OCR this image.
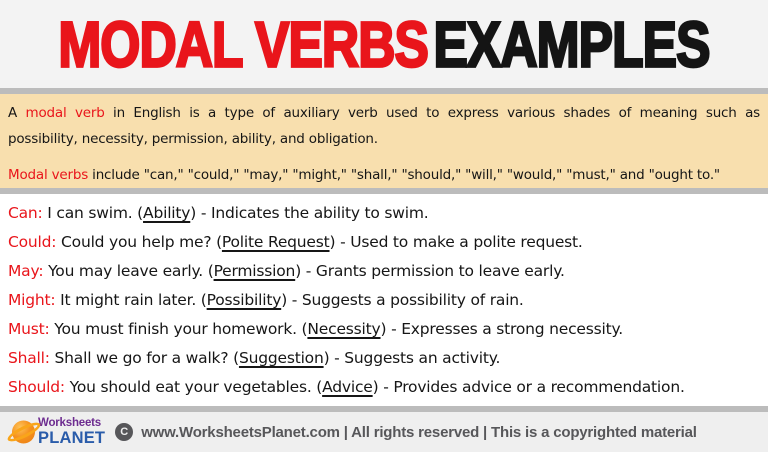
MODAL VERBSEXAMPLES

A modal verb in English is a type of auxiliary verb used to express various shades of meaning such as

possibility, necessity, permission, ability, and obligation.

Modal verbs include "can," "could," "may," "might," "shall," "should," "will," "would," "must," and "ought to."

Can: I can swim. (Ability) - Indicates the ability to swim.

Could: Could you help me? (Polite Request) - Used to make a polite request.

May: You may leave early. (Permission) - Grants permission to leave early.

Might: It might rain later. (Possibility) - Suggests a possibility of rain.

Must: You must finish your homework. (Necessity) - Expresses a strong necessity.

Shall: Shall we go for a walk? (Suggestion) - Suggests an activity.

Should: You should eat your vegetables. (Advice) - Provides advice or a recommendation.

Worksheets
PLANET	C www.WorksheetsPlanet.com | All rights reserved | This is a copyrighted material
